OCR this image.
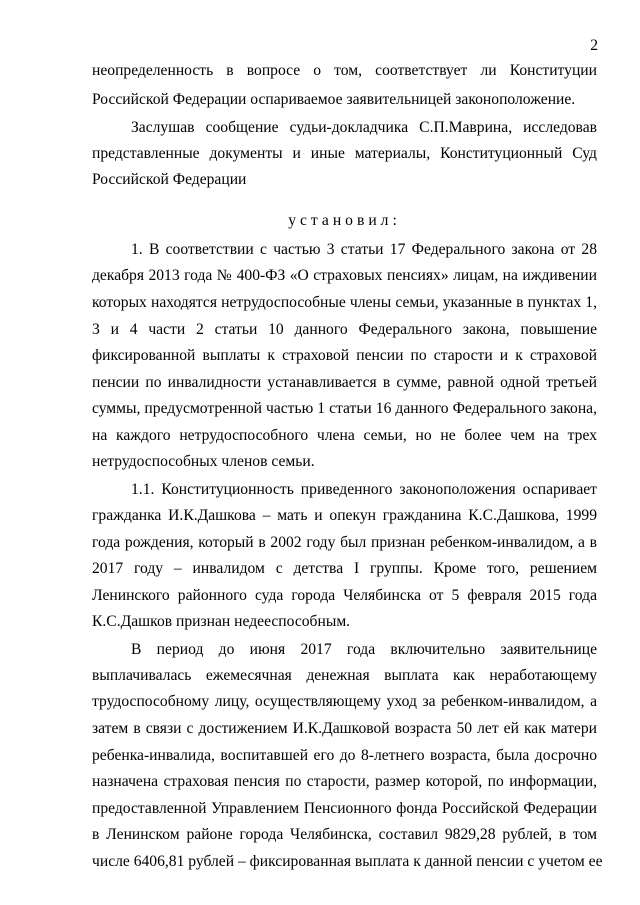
2
неопределенность в вопросе о том, соответствует ли Конституции
Российской Федерации оспариваемое заявительницей законоположение.
Заслушав сообщение судьи-докладчика С.П.Маврина, исследовав
представленные документы и иные материалы, Конституционный Суд
Российской Федерации
установил:
1. В соответствии с частью 3 статьи 17 Федерального закона от 28
декабря 2013 года № 400-ФЗ «О страховых пенсиях» лицам, на иждивении
которых находятся нетрудоспособные члены семьи, указанные в пунктах 1,
3 и 4 части 2 статьи 10 данного Федерального закона, повышение
фиксированной выплаты к страховой пенсии по старости и к страховой
пенсии по инвалидности устанавливается в сумме, равной одной третьей
суммы, предусмотренной частью 1 статьи 16 данного Федерального закона,
на каждого нетрудоспособного члена семьи, но не более чем на трех
нетрудоспособных членов семьи.
1.1. Конституционность приведенного законоположения оспаривает
гражданка И.К.Дашкова – мать и опекун гражданина К.С.Дашкова, 1999
года рождения, который в 2002 году был признан ребенком-инвалидом, а в
2017 году – инвалидом с детства I группы. Кроме того, решением
Ленинского районного суда города Челябинска от 5 февраля 2015 года
К.С.Дашков признан недееспособным.
В период до июня 2017 года включительно заявительнице
выплачивалась ежемесячная денежная выплата как неработающему
трудоспособному лицу, осуществляющему уход за ребенком-инвалидом, а
затем в связи с достижением И.К.Дашковой возраста 50 лет ей как матери
ребенка-инвалида, воспитавшей его до 8-летнего возраста, была досрочно
назначена страховая пенсия по старости, размер которой, по информации,
предоставленной Управлением Пенсионного фонда Российской Федерации
в Ленинском районе города Челябинска, составил 9829,28 рублей, в том
числе 6406,81 рублей – фиксированная выплата к данной пенсии с учетом ее
